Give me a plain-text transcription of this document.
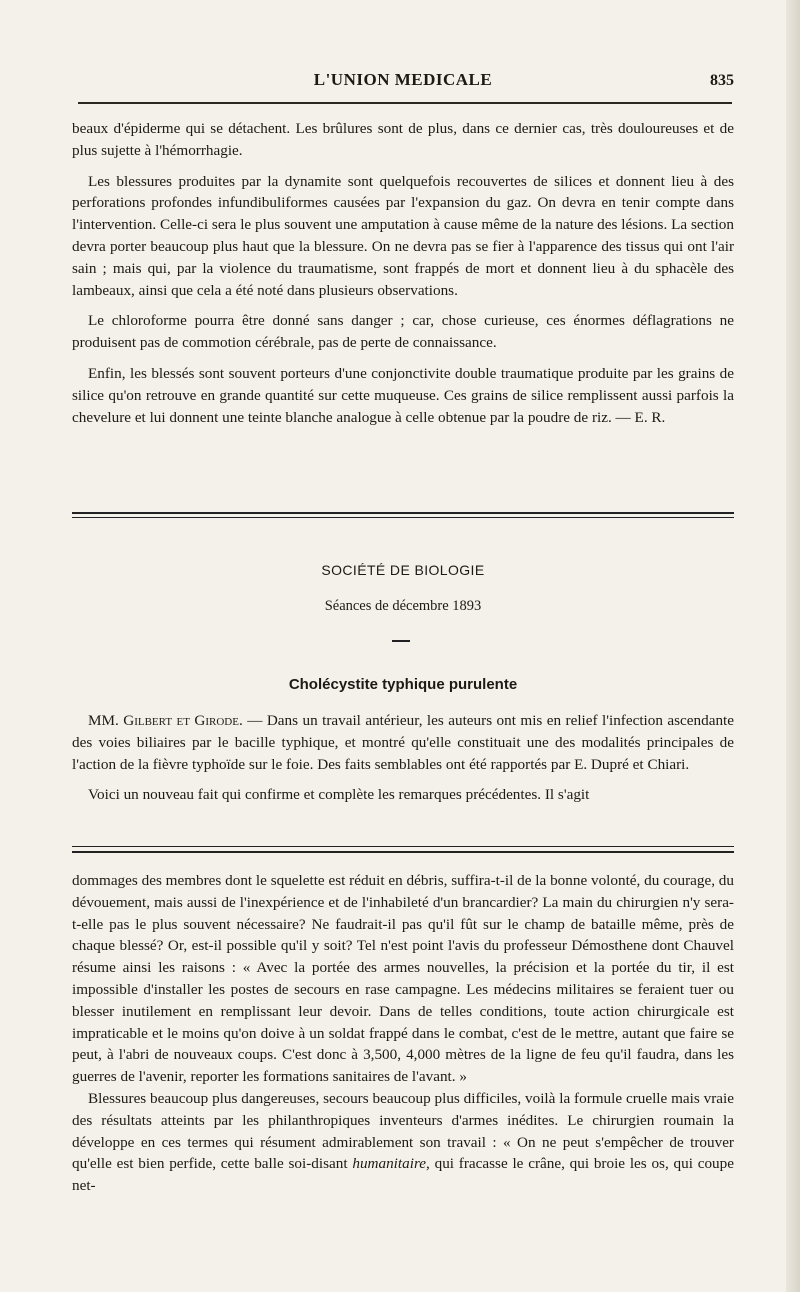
L'UNION MEDICALE	835

beaux d'épiderme qui se détachent. Les brûlures sont de plus, dans ce dernier cas, très douloureuses et de plus sujette à l'hémorrhagie.

Les blessures produites par la dynamite sont quelquefois recouvertes de silices et donnent lieu à des perforations profondes infundibuliformes causées par l'expansion du gaz. On devra en tenir compte dans l'intervention. Celle-ci sera le plus souvent une amputation à cause même de la nature des lésions. La section devra porter beaucoup plus haut que la blessure. On ne devra pas se fier à l'apparence des tissus qui ont l'air sain ; mais qui, par la violence du traumatisme, sont frappés de mort et donnent lieu à du sphacèle des lambeaux, ainsi que cela a été noté dans plusieurs observations.

Le chloroforme pourra être donné sans danger ; car, chose curieuse, ces énormes déflagrations ne produisent pas de commotion cérébrale, pas de perte de connaissance.

Enfin, les blessés sont souvent porteurs d'une conjonctivite double traumatique produite par les grains de silice qu'on retrouve en grande quantité sur cette muqueuse. Ces grains de silice remplissent aussi parfois la chevelure et lui donnent une teinte blanche analogue à celle obtenue par la poudre de riz. — E. R.

SOCIÉTÉ DE BIOLOGIE
Séances de décembre 1893
Cholécystite typhique purulente

MM. Gilbert et Girode. — Dans un travail antérieur, les auteurs ont mis en relief l'infection ascendante des voies biliaires par le bacille typhique, et montré qu'elle constituait une des modalités principales de l'action de la fièvre typhoïde sur le foie. Des faits semblables ont été rapportés par E. Dupré et Chiari.

Voici un nouveau fait qui confirme et complète les remarques précédentes. Il s'agit

dommages des membres dont le squelette est réduit en débris, suffira-t-il de la bonne volonté, du courage, du dévouement, mais aussi de l'inexpérience et de l'inhabileté d'un brancardier? La main du chirurgien n'y sera-t-elle pas le plus souvent nécessaire? Ne faudrait-il pas qu'il fût sur le champ de bataille même, près de chaque blessé? Or, est-il possible qu'il y soit? Tel n'est point l'avis du professeur Démosthene dont Chauvel résume ainsi les raisons : « Avec la portée des armes nouvelles, la précision et la portée du tir, il est impossible d'installer les postes de secours en rase campagne. Les médecins militaires se feraient tuer ou blesser inutilement en remplissant leur devoir. Dans de telles conditions, toute action chirurgicale est impraticable et le moins qu'on doive à un soldat frappé dans le combat, c'est de le mettre, autant que faire se peut, à l'abri de nouveaux coups. C'est donc à 3,500, 4,000 mètres de la ligne de feu qu'il faudra, dans les guerres de l'avenir, reporter les formations sanitaires de l'avant. »

Blessures beaucoup plus dangereuses, secours beaucoup plus difficiles, voilà la formule cruelle mais vraie des résultats atteints par les philanthropiques inventeurs d'armes inédites. Le chirurgien roumain la développe en ces termes qui résument admirablement son travail : « On ne peut s'empêcher de trouver qu'elle est bien perfide, cette balle soi-disant humanitaire, qui fracasse le crâne, qui broie les os, qui coupe net-
